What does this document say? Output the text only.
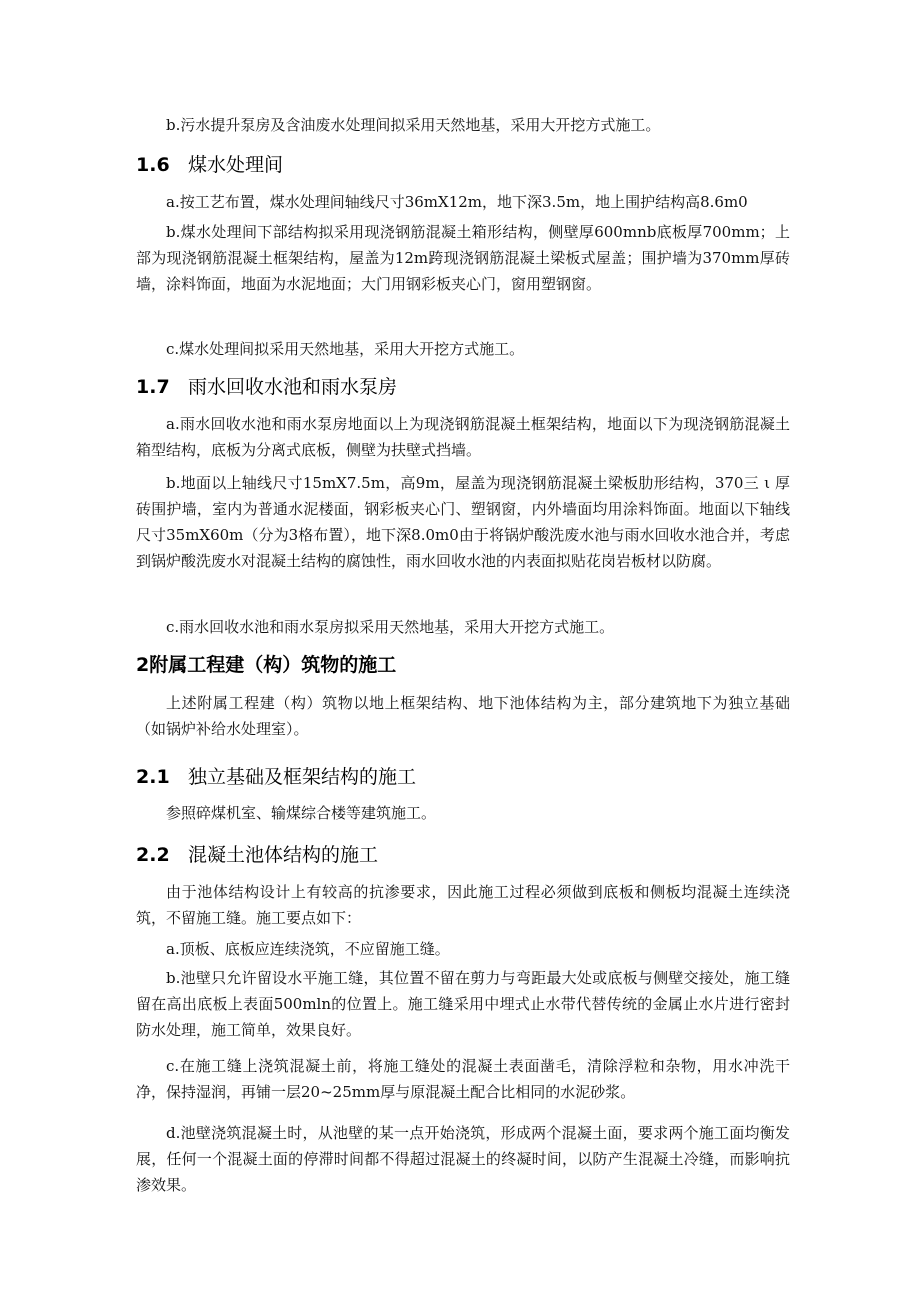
b.污水提升泵房及含油废水处理间拟采用天然地基，采用大开挖方式施工。

1.6 煤水处理间

a.按工艺布置，煤水处理间轴线尺寸36mX12m，地下深3.5m，地上围护结构高8.6m0

b.煤水处理间下部结构拟采用现浇钢筋混凝土箱形结构，侧壁厚600mnb底板厚700mm；上部为现浇钢筋混凝土框架结构，屋盖为12m跨现浇钢筋混凝土梁板式屋盖；围护墙为370mm厚砖墙，涂料饰面，地面为水泥地面；大门用钢彩板夹心门，窗用塑钢窗。

c.煤水处理间拟采用天然地基，采用大开挖方式施工。

1.7 雨水回收水池和雨水泵房

a.雨水回收水池和雨水泵房地面以上为现浇钢筋混凝土框架结构，地面以下为现浇钢筋混凝土箱型结构，底板为分离式底板，侧壁为扶壁式挡墙。

b.地面以上轴线尺寸15mX7.5m，高9m，屋盖为现浇钢筋混凝土梁板肋形结构，370三 ι 厚砖围护墙，室内为普通水泥楼面，钢彩板夹心门、塑钢窗，内外墙面均用涂料饰面。地面以下轴线尺寸35mX60m（分为3格布置），地下深8.0m0由于将锅炉酸洗废水池与雨水回收水池合并，考虑到锅炉酸洗废水对混凝土结构的腐蚀性，雨水回收水池的内表面拟贴花岗岩板材以防腐。

c.雨水回收水池和雨水泵房拟采用天然地基，采用大开挖方式施工。

2附属工程建（构）筑物的施工

上述附属工程建（构）筑物以地上框架结构、地下池体结构为主，部分建筑地下为独立基础（如锅炉补给水处理室）。

2.1 独立基础及框架结构的施工

参照碎煤机室、输煤综合楼等建筑施工。

2.2 混凝土池体结构的施工

由于池体结构设计上有较高的抗渗要求，因此施工过程必须做到底板和侧板均混凝土连续浇筑，不留施工缝。施工要点如下：

a.顶板、底板应连续浇筑，不应留施工缝。

b.池壁只允许留设水平施工缝，其位置不留在剪力与弯距最大处或底板与侧壁交接处，施工缝留在高出底板上表面500mln的位置上。施工缝采用中埋式止水带代替传统的金属止水片进行密封防水处理，施工简单，效果良好。

c.在施工缝上浇筑混凝土前，将施工缝处的混凝土表面凿毛，清除浮粒和杂物，用水冲洗干净，保持湿润，再铺一层20~25mm厚与原混凝土配合比相同的水泥砂浆。

d.池壁浇筑混凝土时，从池壁的某一点开始浇筑，形成两个混凝土面，要求两个施工面均衡发展，任何一个混凝土面的停滞时间都不得超过混凝土的终凝时间，以防产生混凝土冷缝，而影响抗渗效果。
